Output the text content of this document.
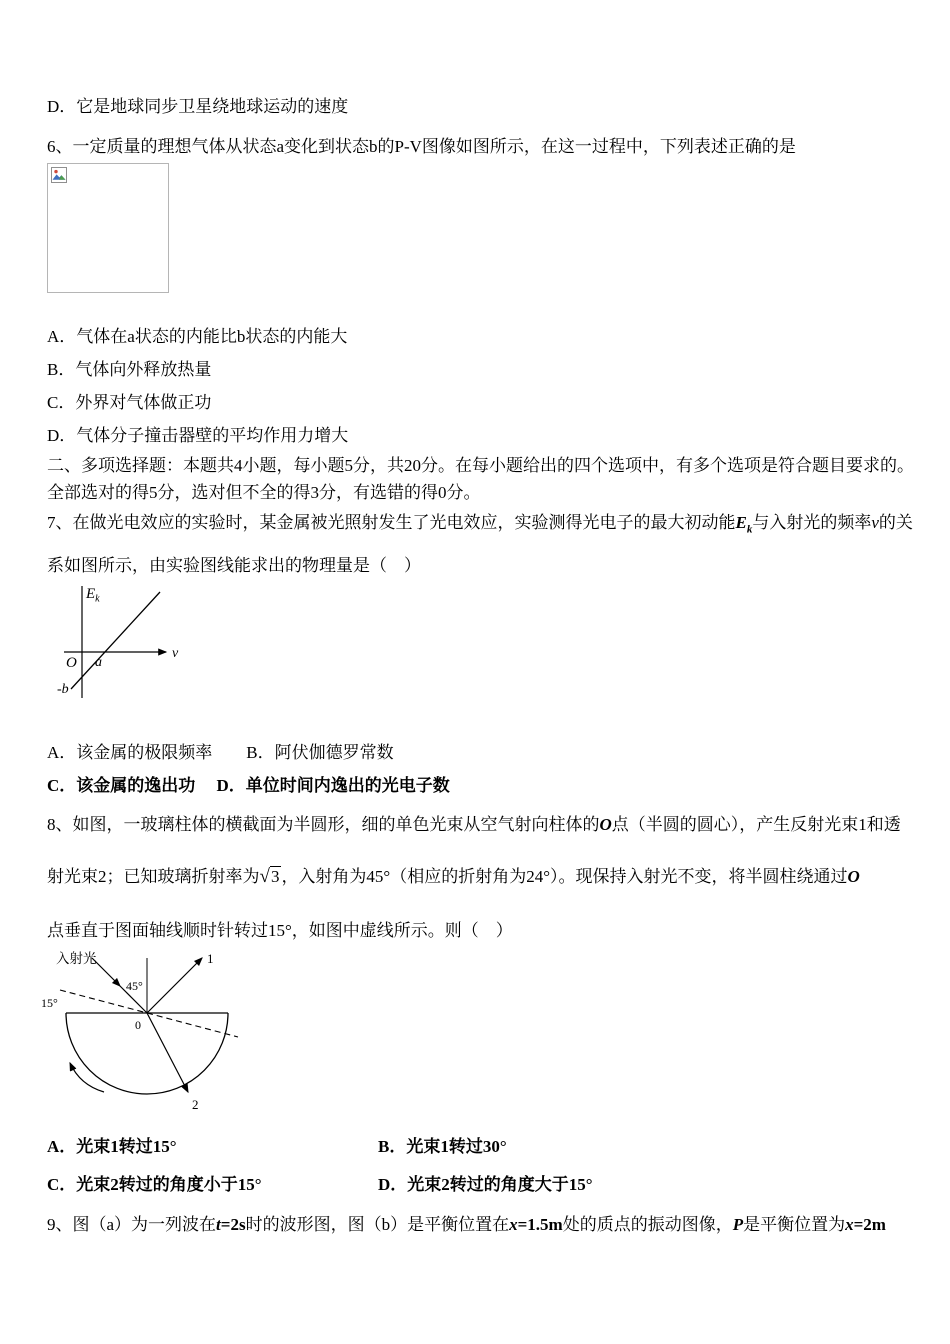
D．它是地球同步卫星绕地球运动的速度
6、一定质量的理想气体从状态a变化到状态b的P-V图像如图所示，在这一过程中，下列表述正确的是
A．气体在a状态的内能比b状态的内能大
B．气体向外释放热量
C．外界对气体做正功
D．气体分子撞击器壁的平均作用力增大
二、多项选择题：本题共4小题，每小题5分，共20分。在每小题给出的四个选项中，有多个选项是符合题目要求的。
全部选对的得5分，选对但不全的得3分，有选错的得0分。
7、在做光电效应的实验时，某金属被光照射发生了光电效应，实验测得光电子的最大初动能$E_k$与入射光的频率ν的关
系如图所示，由实验图线能求出的物理量是（　）
$E_k$
O a
-b
ν
A．该金属的极限频率　　B．阿伏伽德罗常数
C．该金属的逸出功　 D．单位时间内逸出的光电子数
8、如图，一玻璃柱体的横截面为半圆形，细的单色光束从空气射向柱体的O点（半圆的圆心），产生反射光束1和透
射光束2；已知玻璃折射率为√3 ，入射角为45°（相应的折射角为24°）。现保持入射光不变，将半圆柱绕通过O
点垂直于图面轴线顺时针转过15°，如图中虚线所示。则（　）
入射光
45°
15°
0
1
2
A．光束1转过15°	B．光束1转过30°
C．光束2转过的角度小于15°	D．光束2转过的角度大于15°
9、图（a）为一列波在t=2s时的波形图，图（b）是平衡位置在x=1.5m处的质点的振动图像，P是平衡位置为x=2m
